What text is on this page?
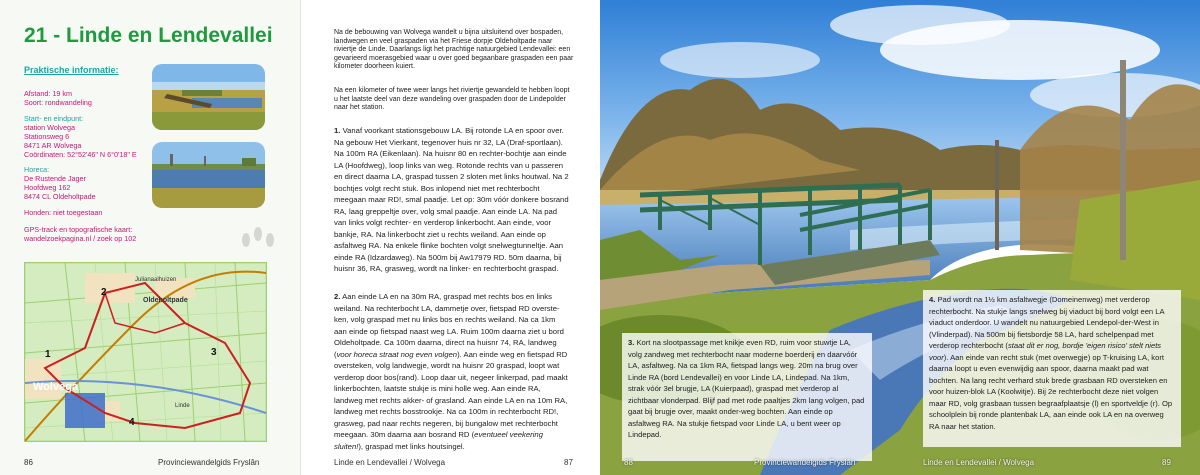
21 - Linde en Lendevallei
Praktische informatie:
Afstand: 19 km
Soort: rondwandeling
Start- en eindpunt:
station Wolvega
Stationsweg 6
8471 AR Wolvega
Coördinaten: 52°52'46" N 6°0'18" E
Horeca:
De Rustende Jager
Hoofdweg 162
8474 CL Oldeholtpade
Honden: niet toegestaan
GPS-track en topografische kaart:
wandelzoekpagina.nl / zoek op 102
Julianaalhuizen
Oldeholtpade
Wolvega
Linde
1
2
3
4
86	Provinciewandelgids Fryslân

Na de bebouwing van Wolvega wandelt u bijna uitsluitend over bospaden, landwegen en veel graspaden via het Friese dorpje Oldeholtpade naar riviertje de Linde. Daarlangs ligt het prachtige natuurgebied Lendevallei: een gevarieerd moerasgebied waar u over goed begaanbare graspaden een paar kilometer doorheen kuiert.

Na een kilometer of twee weer langs het riviertje gewandeld te hebben loopt u het laatste deel van deze wandeling over graspaden door de Lindepolder naar het station.

1. Vanaf voorkant stationsgebouw LA. Bij rotonde LA en spoor over. Na gebouw Het Vierkant, tegenover huis nr 32, LA (Draf-sportlaan). Na 100m RA (Eikenlaan). Na huisnr 80 en rechter-bochtje aan einde LA (Hoofdweg), loop links van weg. Rotonde rechts van u passeren en direct daarna LA, graspad tussen 2 sloten met links houtwal. Na 2 bochtjes volgt recht stuk. Bos inlopend niet met rechterbocht meegaan maar RD!, smal paadje. Let op: 30m vóór donkere bosrand RA, laag greppeltje over, volg smal paadje. Aan einde LA. Na pad van links volgt rechter- en verderop linkerbocht. Aan einde, voor bankje, RA. Na linkerbocht ziet u rechts weiland. Aan einde op asfaltweg RA. Na enkele flinke bochten volgt snelwegtunneltje. Aan einde RA (Idzardaweg). Na 500m bij Aw17979 RD. 50m daarna, bij huisnr 36, RA, grasweg, wordt na linker- en rechterbocht graspad.

2. Aan einde LA en na 30m RA, graspad met rechts bos en links weiland. Na rechterbocht LA, dammetje over, fietspad RD overste-ken, volg graspad met nu links bos en rechts weiland. Na ca 1km aan einde op fietspad naast weg LA. Ruim 100m daarna ziet u bord Oldeholtpade. Ca 100m daarna, direct na huisnr 74, RA, landweg (voor horeca straat nog even volgen). Aan einde weg en fietspad RD oversteken, volg landwegje, wordt na huisnr 20 graspad, loopt wat verderop door bos(rand). Loop daar uit, negeer linkerpad, pad maakt linkerbochten, laatste stukje is mini holle weg. Aan einde RA, landweg met rechts akker- of grasland. Aan einde LA en na 10m RA, landweg met rechts bosstrookje. Na ca 100m in rechterbocht RD!, grasweg, pad naar rechts negeren, bij bungalow met rechterbocht meegaan. 30m daarna aan bosrand RD (eventueel veekering sluiten!), graspad met links houtsingel.

Linde en Lendevallei / Wolvega	87
3. Kort na slootpassage met knikje even RD, ruim voor stuwtje LA, volg zandweg met rechterbocht naar moderne boerderij en daarvóór LA, asfaltweg. Na ca 1km RA, fietspad langs weg. 20m na brug over Linde RA (bord Lendevallei) en voor Linde LA, Lindepad. Na 1km, strak vóór 3el brugje, LA (Kuierpaad), graspad met verderop al zichtbaar vlonderpad. Blijf pad met rode paaltjes 2km lang volgen, pad gaat bij brugje over, maakt onder-weg bochten. Aan einde op asfaltweg RA. Na stukje fietspad voor Linde LA, u bent weer op Lindepad.
4. Pad wordt na 1½ km asfaltwegje (Domeinenweg) met verderop rechterbocht. Na stukje langs snelweg bij viaduct bij bord volgt een LA viaduct onderdoor. U wandelt nu natuurgebied Lendepol-der-West in (Vlinderpad). Na 500m bij fietsbordje 58 LA, hard schelpenpad met verderop rechterbocht (staat dit er nog, bordje 'eigen risico' stelt niets voor). Aan einde van recht stuk (met overwegje) op T-kruising LA, kort daarna loopt u even evenwijdig aan spoor, daarna maakt pad wat bochten. Na lang recht verhard stuk brede grasbaan RD oversteken en voor huizen-blok LA (Koolwitje). Bij 2e rechterbocht deze niet volgen maar RD, volg grasbaan tussen begraafplaatsje (l) en sportveldje (r). Op schoolplein bij ronde plantenbak LA, aan einde ook LA en na overweg RA naar het station.
88	Provinciewandelgids Fryslân	Linde en Lendevallei / Wolvega	89
